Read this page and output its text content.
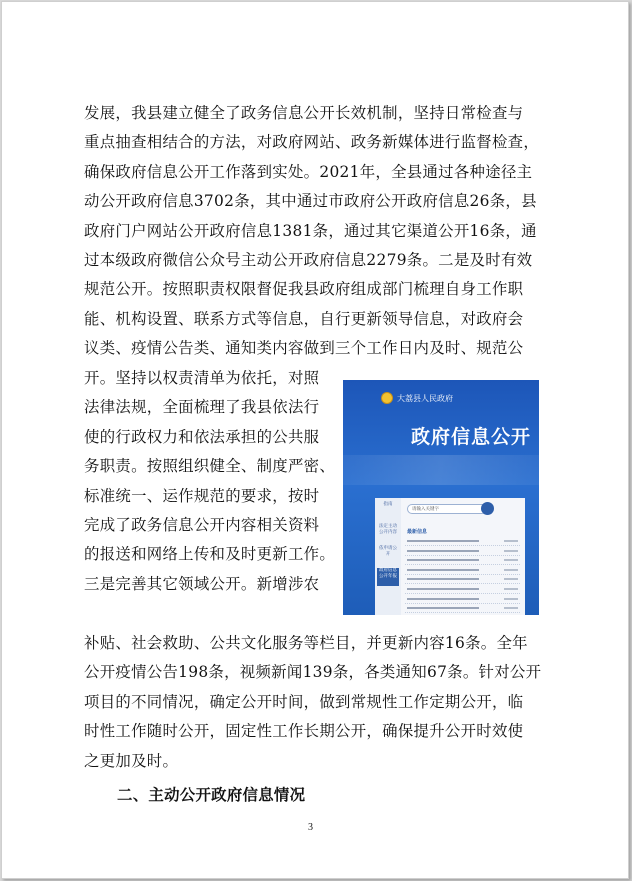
发展，我县建立健全了政务信息公开长效机制，坚持日常检查与
重点抽查相结合的方法，对政府网站、政务新媒体进行监督检查，
确保政府信息公开工作落到实处。2021年，全县通过各种途径主
动公开政府信息3702条，其中通过市政府公开政府信息26条，县
政府门户网站公开政府信息1381条，通过其它渠道公开16条，通
过本级政府微信公众号主动公开政府信息2279条。二是及时有效
规范公开。按照职责权限督促我县政府组成部门梳理自身工作职
能、机构设置、联系方式等信息，自行更新领导信息，对政府会
议类、疫情公告类、通知类内容做到三个工作日内及时、规范公
开。坚持以权责清单为依托，对照
法律法规，全面梳理了我县依法行
使的行政权力和依法承担的公共服
务职责。按照组织健全、制度严密、
标准统一、运作规范的要求，按时
完成了政务信息公开内容相关资料
的报送和网络上传和及时更新工作。
三是完善其它领域公开。新增涉农
大荔县人民政府
政府信息公开
指南
法定主动公开内容
依申请公开
政府信息公开年报
请输入关键字
最新信息
补贴、社会救助、公共文化服务等栏目，并更新内容16条。全年
公开疫情公告198条，视频新闻139条，各类通知67条。针对公开
项目的不同情况，确定公开时间，做到常规性工作定期公开，临
时性工作随时公开，固定性工作长期公开，确保提升公开时效使
之更加及时。
二、主动公开政府信息情况
3
